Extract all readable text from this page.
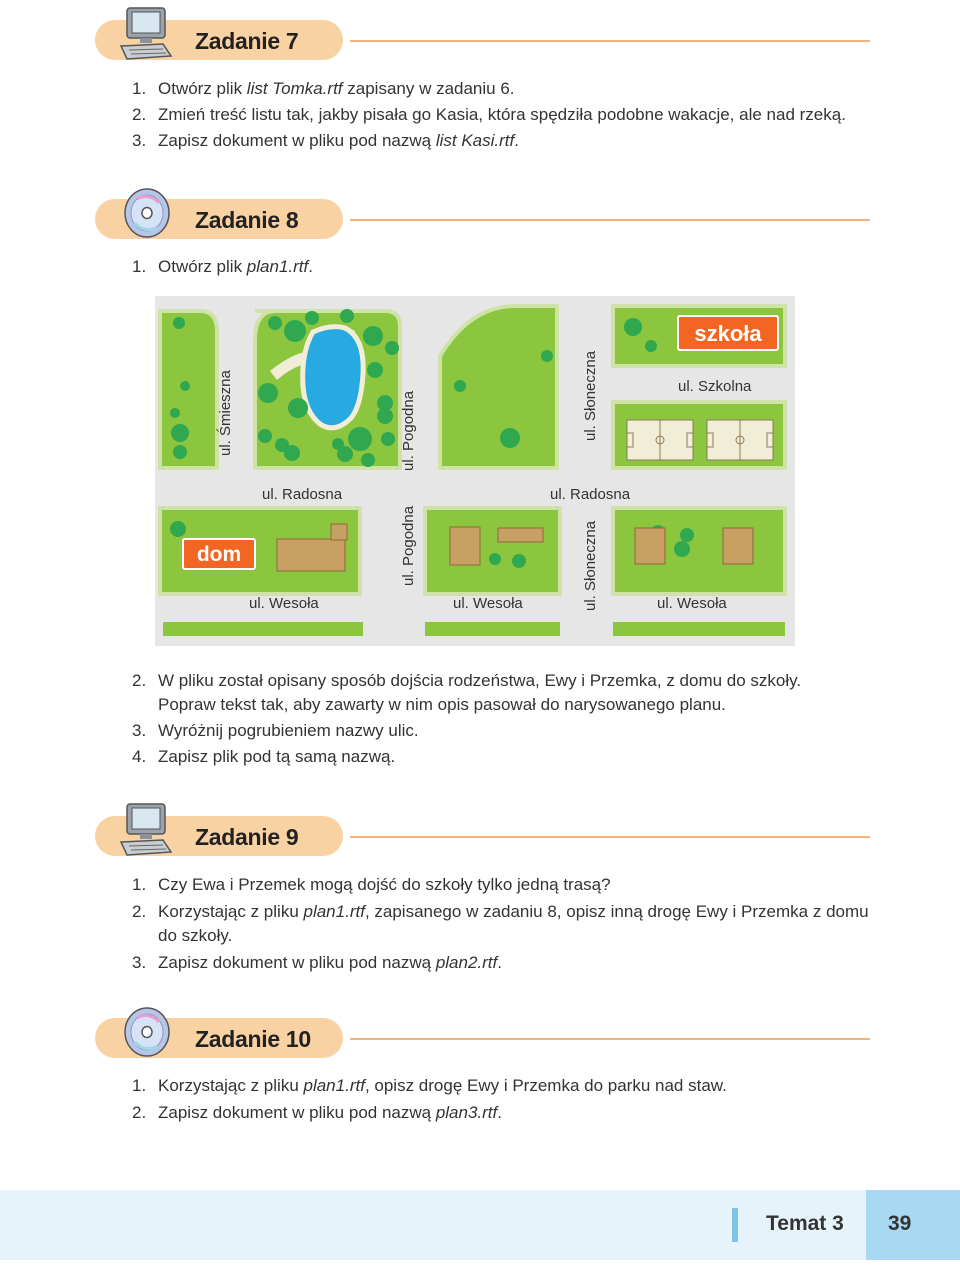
Zadanie 7
1. Otwórz plik list Tomka.rtf zapisany w zadaniu 6.
2. Zmień treść listu tak, jakby pisała go Kasia, która spędziła podobne wakacje, ale nad rzeką.
3. Zapisz dokument w pliku pod nazwą list Kasi.rtf.
Zadanie 8
1. Otwórz plik plan1.rtf.
szkoła
dom
ul. Śmieszna	ul. Pogodna	ul. Słoneczna
ul. Radosna	ul. Radosna
ul. Szkolna
ul. Pogodna	ul. Słoneczna
ul. Wesoła	ul. Wesoła	ul. Wesoła
2. W pliku został opisany sposób dojścia rodzeństwa, Ewy i Przemka, z domu do szkoły.
Popraw tekst tak, aby zawarty w nim opis pasował do narysowanego planu.
3. Wyróżnij pogrubieniem nazwy ulic.
4. Zapisz plik pod tą samą nazwą.
Zadanie 9
1. Czy Ewa i Przemek mogą dojść do szkoły tylko jedną trasą?
2. Korzystając z pliku plan1.rtf, zapisanego w zadaniu 8, opisz inną drogę Ewy i Przemka z domu
do szkoły.
3. Zapisz dokument w pliku pod nazwą plan2.rtf.
Zadanie 10
1. Korzystając z pliku plan1.rtf, opisz drogę Ewy i Przemka do parku nad staw.
2. Zapisz dokument w pliku pod nazwą plan3.rtf.
Temat 3 39
